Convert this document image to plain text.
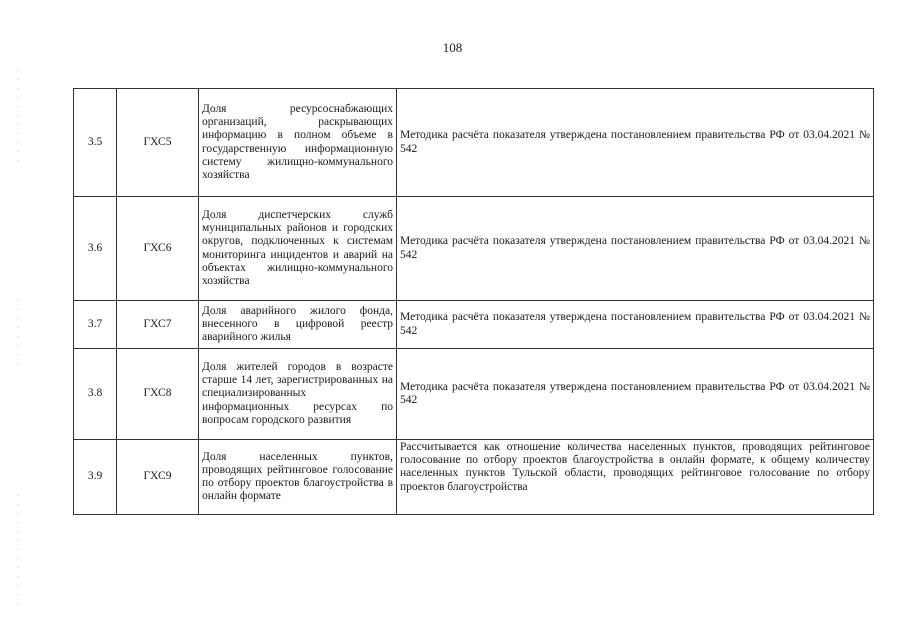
108
3.5	ГХС5	Доля ресурсоснабжающих организаций, раскрывающих информацию в полном объеме в государственную информационную систему жилищно-коммунального хозяйства	Методика расчёта показателя утверждена постановлением правительства РФ от 03.04.2021 № 542
3.6	ГХС6	Доля диспетчерских служб муниципальных районов и городских округов, подключенных к системам мониторинга инцидентов и аварий на объектах жилищно-коммунального хозяйства	Методика расчёта показателя утверждена постановлением правительства РФ от 03.04.2021 № 542
3.7	ГХС7	Доля аварийного жилого фонда, внесенного в цифровой реестр аварийного жилья	Методика расчёта показателя утверждена постановлением правительства РФ от 03.04.2021 № 542
3.8	ГХС8	Доля жителей городов в возрасте старше 14 лет, зарегистрированных на специализированных информационных ресурсах по вопросам городского развития	Методика расчёта показателя утверждена постановлением правительства РФ от 03.04.2021 № 542
3.9	ГХС9	Доля населенных пунктов, проводящих рейтинговое голосование по отбору проектов благоустройства в онлайн формате	Рассчитывается как отношение количества населенных пунктов, проводящих рейтинговое голосование по отбору проектов благоустройства в онлайн формате, к общему количеству населенных пунктов Тульской области, проводящих рейтинговое голосование по отбору проектов благоустройства
